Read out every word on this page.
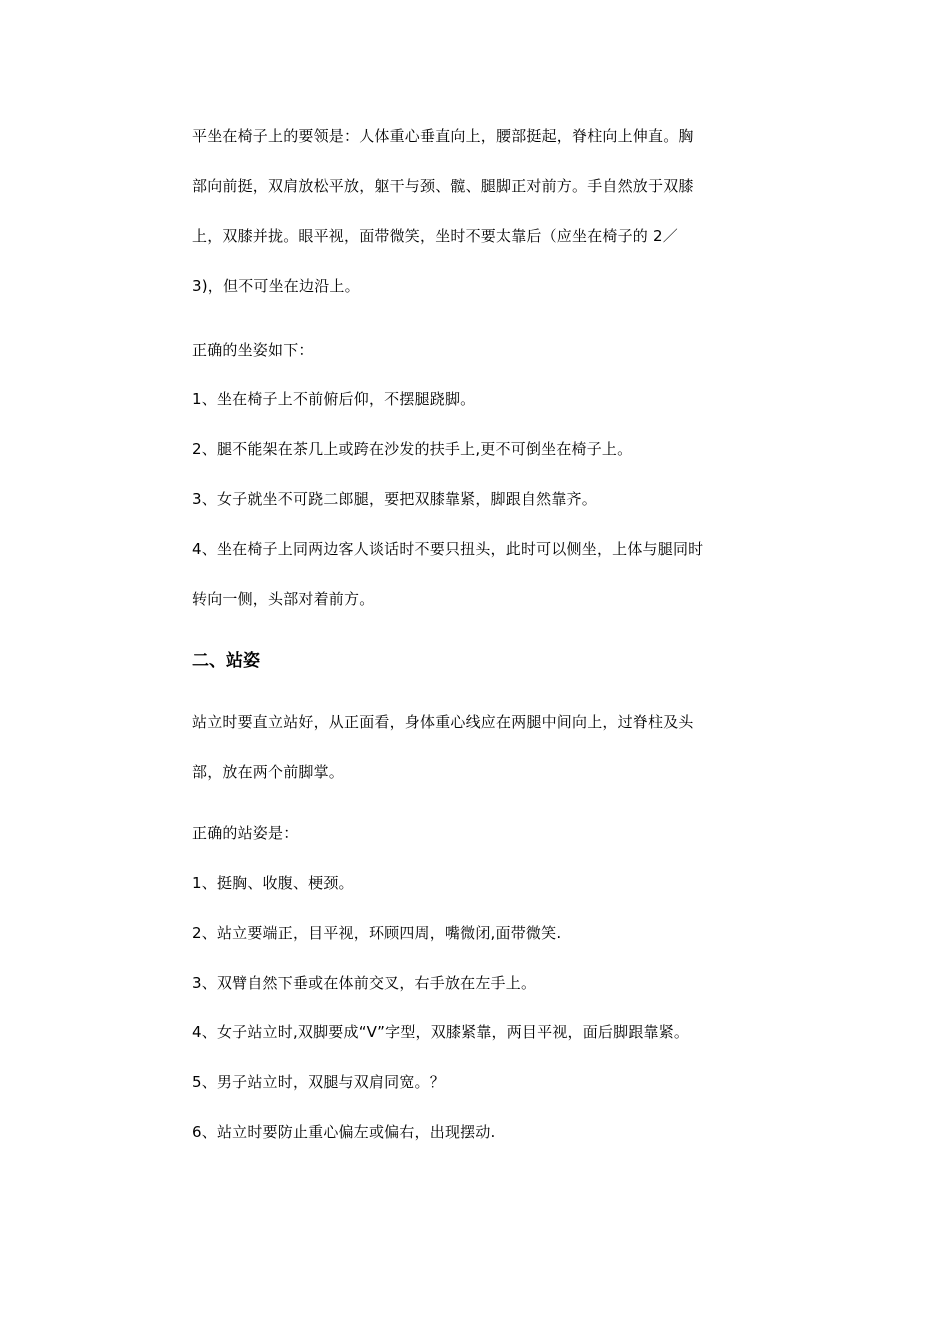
平坐在椅子上的要领是：人体重心垂直向上，腰部挺起，脊柱向上伸直。胸
部向前挺，双肩放松平放，躯干与颈、髋、腿脚正对前方。手自然放于双膝
上，双膝并拢。眼平视，面带微笑，坐时不要太靠后（应坐在椅子的 2／
3)，但不可坐在边沿上。
正确的坐姿如下：
1、坐在椅子上不前俯后仰，不摆腿跷脚。
2、腿不能架在茶几上或跨在沙发的扶手上,更不可倒坐在椅子上。
3、女子就坐不可跷二郎腿，要把双膝靠紧，脚跟自然靠齐。
4、坐在椅子上同两边客人谈话时不要只扭头，此时可以侧坐，上体与腿同时
转向一侧，头部对着前方。
二、站姿
站立时要直立站好，从正面看，身体重心线应在两腿中间向上，过脊柱及头
部，放在两个前脚掌。
正确的站姿是：
1、挺胸、收腹、梗颈。
2、站立要端正，目平视，环顾四周，嘴微闭,面带微笑.
3、双臂自然下垂或在体前交叉，右手放在左手上。
4、女子站立时,双脚要成“V”字型，双膝紧靠，两目平视，面后脚跟靠紧。
5、男子站立时，双腿与双肩同宽。？
6、站立时要防止重心偏左或偏右，出现摆动.
